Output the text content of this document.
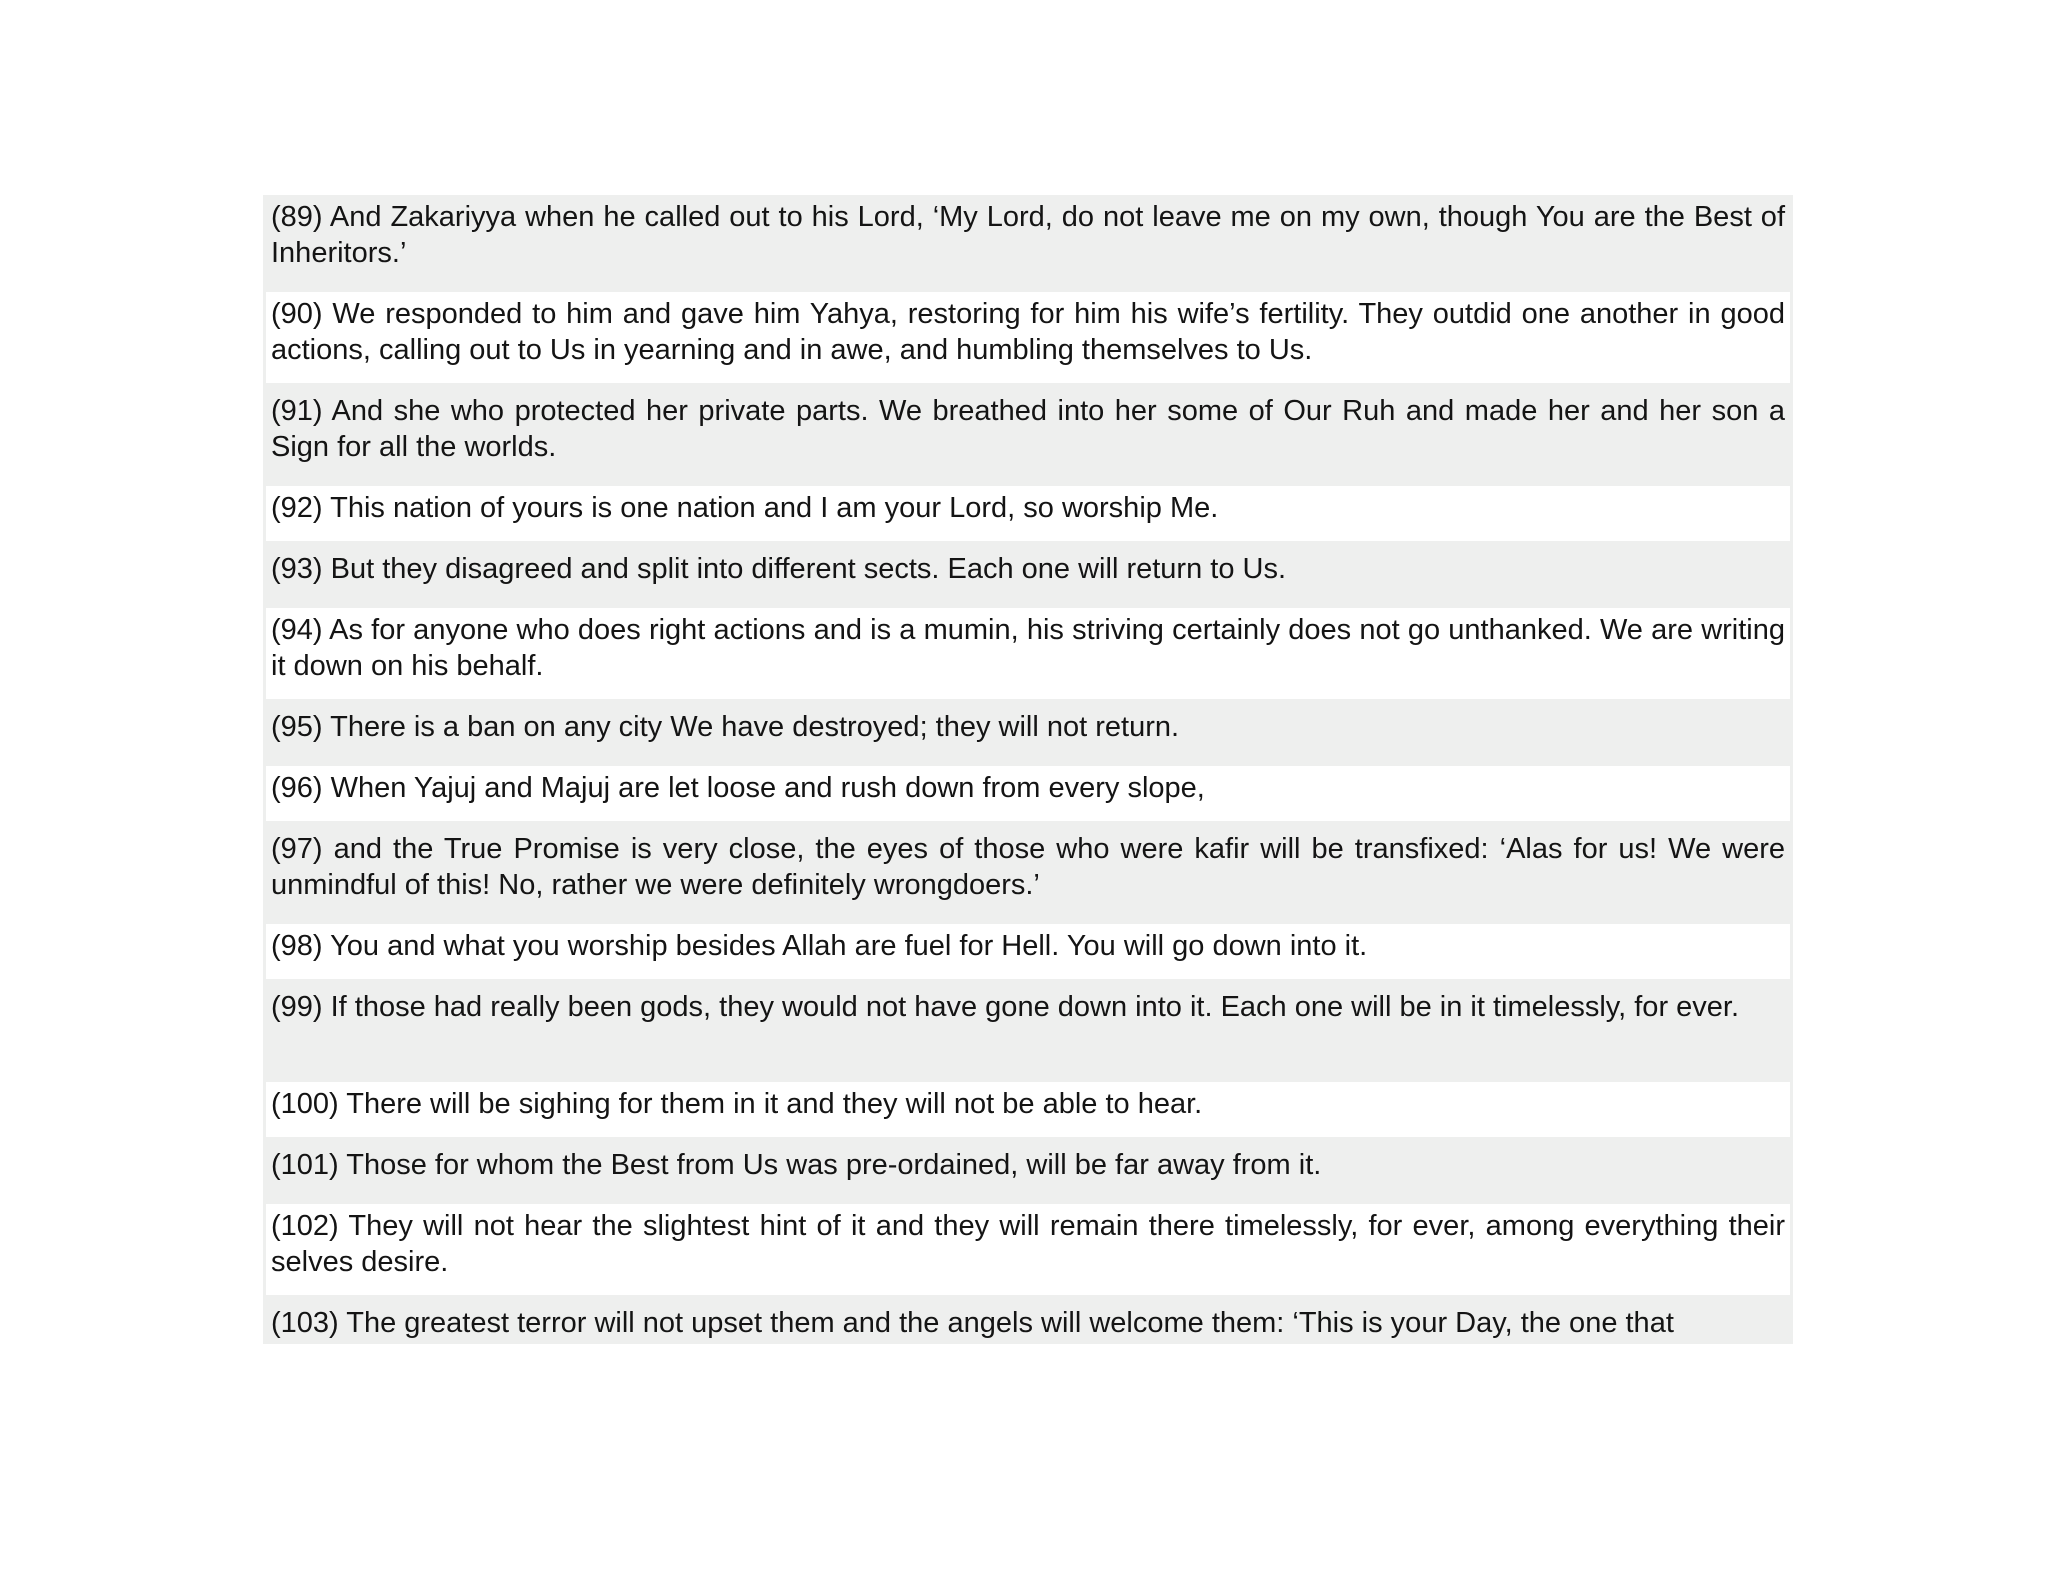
(89) And Zakariyya when he called out to his Lord, ‘My Lord, do not leave me on my own, though You are the Best of Inheritors.’
(90) We responded to him and gave him Yahya, restoring for him his wife’s fertility. They outdid one another in good actions, calling out to Us in yearning and in awe, and humbling themselves to Us.
(91) And she who protected her private parts. We breathed into her some of Our Ruh and made her and her son a Sign for all the worlds.
(92) This nation of yours is one nation and I am your Lord, so worship Me.
(93) But they disagreed and split into different sects. Each one will return to Us.
(94) As for anyone who does right actions and is a mumin, his striving certainly does not go unthanked. We are writing it down on his behalf.
(95) There is a ban on any city We have destroyed; they will not return.
(96) When Yajuj and Majuj are let loose and rush down from every slope,
(97) and the True Promise is very close, the eyes of those who were kafir will be transfixed: ‘Alas for us! We were unmindful of this! No, rather we were definitely wrongdoers.’
(98) You and what you worship besides Allah are fuel for Hell. You will go down into it.
(99) If those had really been gods, they would not have gone down into it. Each one will be in it timelessly, for ever.
(100) There will be sighing for them in it and they will not be able to hear.
(101) Those for whom the Best from Us was pre-ordained, will be far away from it.
(102) They will not hear the slightest hint of it and they will remain there timelessly, for ever, among everything their selves desire.
(103) The greatest terror will not upset them and the angels will welcome them: ‘This is your Day, the one that
